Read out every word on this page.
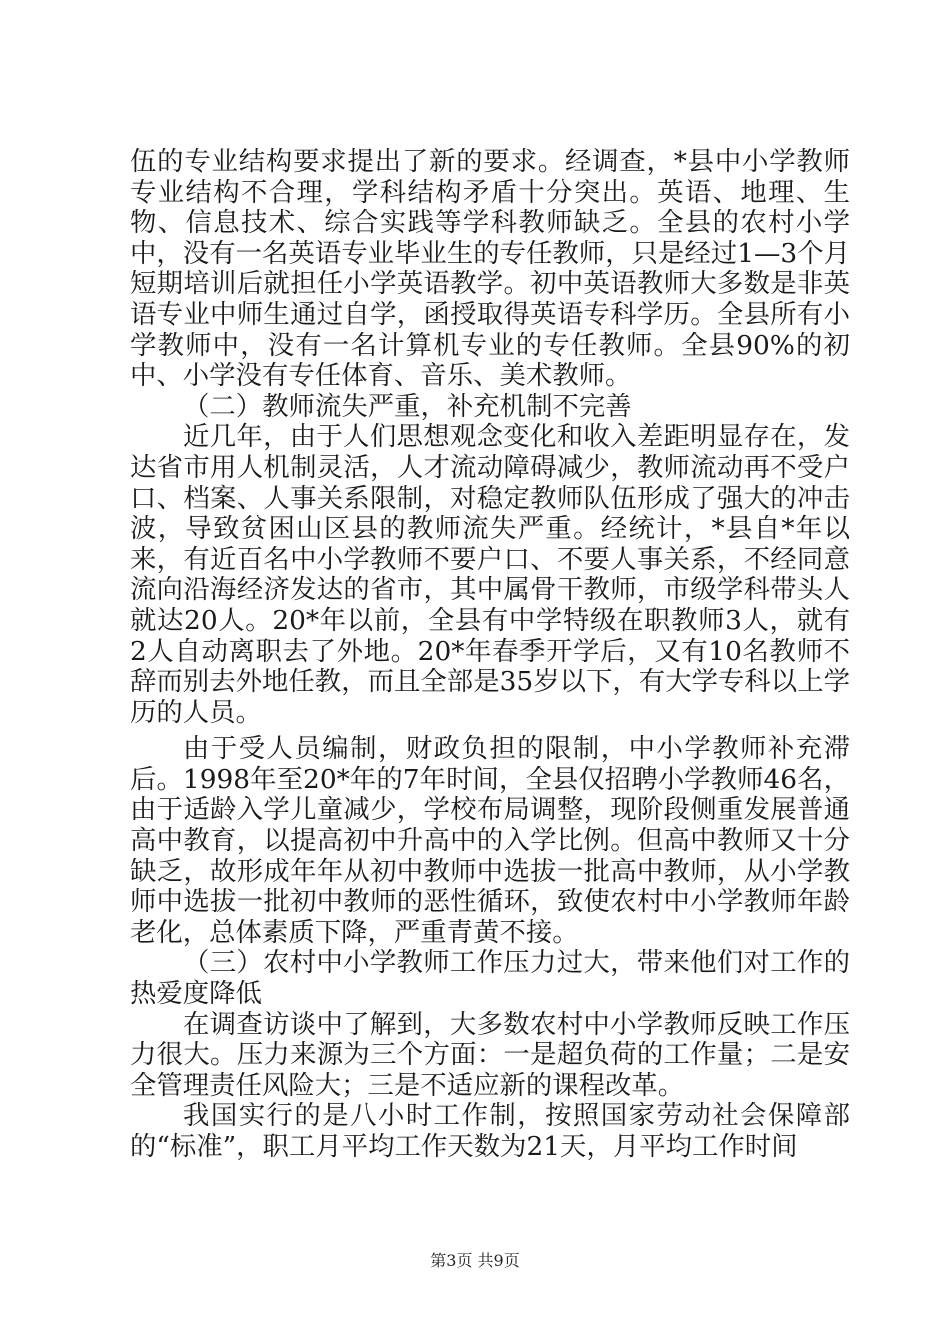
伍的专业结构要求提出了新的要求。经调查，*县中小学教师专业结构不合理，学科结构矛盾十分突出。英语、地理、生物、信息技术、综合实践等学科教师缺乏。全县的农村小学中，没有一名英语专业毕业生的专任教师，只是经过1—3个月短期培训后就担任小学英语教学。初中英语教师大多数是非英语专业中师生通过自学，函授取得英语专科学历。全县所有小学教师中，没有一名计算机专业的专任教师。全县90%的初中、小学没有专任体育、音乐、美术教师。

（二）教师流失严重，补充机制不完善

近几年，由于人们思想观念变化和收入差距明显存在，发达省市用人机制灵活，人才流动障碍减少，教师流动再不受户口、档案、人事关系限制，对稳定教师队伍形成了强大的冲击波，导致贫困山区县的教师流失严重。经统计，*县自*年以来，有近百名中小学教师不要户口、不要人事关系，不经同意流向沿海经济发达的省市，其中属骨干教师，市级学科带头人就达20人。20*年以前，全县有中学特级在职教师3人，就有2人自动离职去了外地。20*年春季开学后，又有10名教师不辞而别去外地任教，而且全部是35岁以下，有大学专科以上学历的人员。

由于受人员编制，财政负担的限制，中小学教师补充滞后。1998年至20*年的7年时间，全县仅招聘小学教师46名，由于适龄入学儿童减少，学校布局调整，现阶段侧重发展普通高中教育，以提高初中升高中的入学比例。但高中教师又十分缺乏，故形成年年从初中教师中选拔一批高中教师，从小学教师中选拔一批初中教师的恶性循环，致使农村中小学教师年龄老化，总体素质下降，严重青黄不接。

（三）农村中小学教师工作压力过大，带来他们对工作的热爱度降低

在调查访谈中了解到，大多数农村中小学教师反映工作压力很大。压力来源为三个方面：一是超负荷的工作量；二是安全管理责任风险大；三是不适应新的课程改革。

我国实行的是八小时工作制，按照国家劳动社会保障部的“标准”，职工月平均工作天数为21天，月平均工作时间

第3页 共9页
